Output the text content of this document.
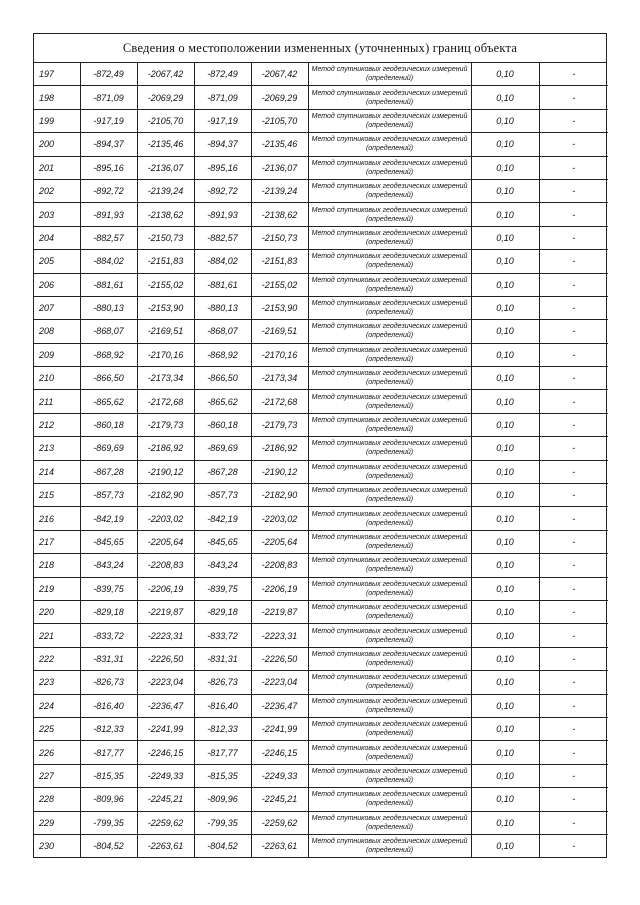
Сведения о местоположении измененных (уточненных) границ объекта
197	-872,49	-2067,42	-872,49	-2067,42	Метод спутниковых геодезических измерений (определений)	0,10	-
198	-871,09	-2069,29	-871,09	-2069,29	Метод спутниковых геодезических измерений (определений)	0,10	-
199	-917,19	-2105,70	-917,19	-2105,70	Метод спутниковых геодезических измерений (определений)	0,10	-
200	-894,37	-2135,46	-894,37	-2135,46	Метод спутниковых геодезических измерений (определений)	0,10	-
201	-895,16	-2136,07	-895,16	-2136,07	Метод спутниковых геодезических измерений (определений)	0,10	-
202	-892,72	-2139,24	-892,72	-2139,24	Метод спутниковых геодезических измерений (определений)	0,10	-
203	-891,93	-2138,62	-891,93	-2138,62	Метод спутниковых геодезических измерений (определений)	0,10	-
204	-882,57	-2150,73	-882,57	-2150,73	Метод спутниковых геодезических измерений (определений)	0,10	-
205	-884,02	-2151,83	-884,02	-2151,83	Метод спутниковых геодезических измерений (определений)	0,10	-
206	-881,61	-2155,02	-881,61	-2155,02	Метод спутниковых геодезических измерений (определений)	0,10	-
207	-880,13	-2153,90	-880,13	-2153,90	Метод спутниковых геодезических измерений (определений)	0,10	-
208	-868,07	-2169,51	-868,07	-2169,51	Метод спутниковых геодезических измерений (определений)	0,10	-
209	-868,92	-2170,16	-868,92	-2170,16	Метод спутниковых геодезических измерений (определений)	0,10	-
210	-866,50	-2173,34	-866,50	-2173,34	Метод спутниковых геодезических измерений (определений)	0,10	-
211	-865,62	-2172,68	-865,62	-2172,68	Метод спутниковых геодезических измерений (определений)	0,10	-
212	-860,18	-2179,73	-860,18	-2179,73	Метод спутниковых геодезических измерений (определений)	0,10	-
213	-869,69	-2186,92	-869,69	-2186,92	Метод спутниковых геодезических измерений (определений)	0,10	-
214	-867,28	-2190,12	-867,28	-2190,12	Метод спутниковых геодезических измерений (определений)	0,10	-
215	-857,73	-2182,90	-857,73	-2182,90	Метод спутниковых геодезических измерений (определений)	0,10	-
216	-842,19	-2203,02	-842,19	-2203,02	Метод спутниковых геодезических измерений (определений)	0,10	-
217	-845,65	-2205,64	-845,65	-2205,64	Метод спутниковых геодезических измерений (определений)	0,10	-
218	-843,24	-2208,83	-843,24	-2208,83	Метод спутниковых геодезических измерений (определений)	0,10	-
219	-839,75	-2206,19	-839,75	-2206,19	Метод спутниковых геодезических измерений (определений)	0,10	-
220	-829,18	-2219,87	-829,18	-2219,87	Метод спутниковых геодезических измерений (определений)	0,10	-
221	-833,72	-2223,31	-833,72	-2223,31	Метод спутниковых геодезических измерений (определений)	0,10	-
222	-831,31	-2226,50	-831,31	-2226,50	Метод спутниковых геодезических измерений (определений)	0,10	-
223	-826,73	-2223,04	-826,73	-2223,04	Метод спутниковых геодезических измерений (определений)	0,10	-
224	-816,40	-2236,47	-816,40	-2236,47	Метод спутниковых геодезических измерений (определений)	0,10	-
225	-812,33	-2241,99	-812,33	-2241,99	Метод спутниковых геодезических измерений (определений)	0,10	-
226	-817,77	-2246,15	-817,77	-2246,15	Метод спутниковых геодезических измерений (определений)	0,10	-
227	-815,35	-2249,33	-815,35	-2249,33	Метод спутниковых геодезических измерений (определений)	0,10	-
228	-809,96	-2245,21	-809,96	-2245,21	Метод спутниковых геодезических измерений (определений)	0,10	-
229	-799,35	-2259,62	-799,35	-2259,62	Метод спутниковых геодезических измерений (определений)	0,10	-
230	-804,52	-2263,61	-804,52	-2263,61	Метод спутниковых геодезических измерений (определений)	0,10	-
